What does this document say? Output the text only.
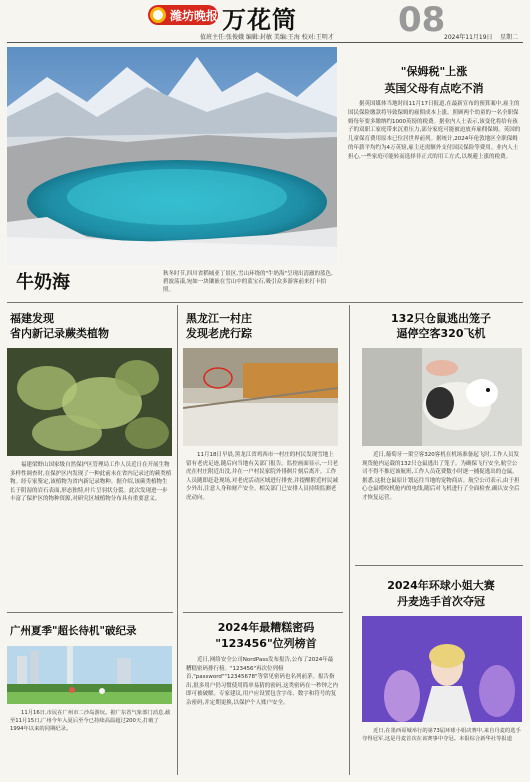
潍坊晚报 万花筒
值班主任:张俊娥 编辑:封敏 美编:王海 校对:王明才 08
2024年11月19日 星期二
牛奶海	秋冬时节,四川省稻城亚丁景区,雪山环绕的"牛奶海"呈现出清澈的蓝色,碧波荡漾,宛如一块镶嵌在雪山中的蓝宝石,吸引众多游客前来打卡拍照。
"保姆税"上涨
英国父母有点吃不消
据英国媒体当地时间11月17日报道,在最新宣布的预算案中,雇主的国民保险缴款将导致保姆的雇佣成本上涨。照顾两个幼童的一名全职保姆每年要多缴纳约1000英镑的税费。据业内人士表示,该变化将给有孩子的双职工家庭带来沉重压力,部分家庭可能被迫放弃雇佣保姆。英国的儿童保育费用原本已位居世界前列。据统计,2024年伦敦地区全职保姆的年薪平均约为4万英镑,雇主还需额外支付国民保险等费用。业内人士担心,一些家庭可能转而选择非正式的用工方式,以规避上涨的税费。
福建发现
省内新记录蕨类植物
福建梁野山国家级自然保护区管理局工作人员近日在开展生物多样性调查时,在保护区内发现了一种此前未在省内记录过的蕨类植物。经专家鉴定,该植物为省内新记录物种。据介绍,该蕨类植物生长于阴湿的岩石表面,形态独特,叶片呈羽状分裂。此次发现进一步丰富了保护区的物种资源,对研究区域植物分布具有重要意义。
黑龙江一村庄
发现老虎行踪
11月18日早晨,黑龙江省鸡西市一村庄的村民发现雪地上留有老虎足迹,随后向当地有关部门报告。监控画面显示,一只老虎在村庄附近出没,并在一户村民家院外徘徊片刻后离开。工作人员随即赶赴现场,对老虎活动区域进行排查,并提醒附近村民减少外出,注意人身和财产安全。相关部门已安排人员持续监测老虎动向。
132只仓鼠逃出笼子
逼停空客320飞机
近日,葡萄牙一架空客320客机在机场准备起飞时,工作人员发现货舱内运载的132只仓鼠逃出了笼子。为确保飞行安全,航空公司不得不推迟该航班,工作人员花费数小时逐一捕捉逃出的仓鼠。据悉,这批仓鼠原计划运往当地的宠物商店。航空公司表示,由于担心仓鼠啃咬机舱内的电线,随后对飞机进行了全面检查,确认安全后才恢复运营。
广州夏季"超长待机"破纪录
11月16日,市民在广州市二沙岛游玩。据广东省气象部门消息,截至11月15日,广州今年入夏后至今已持续高温超过200天,打破了1994年以来的同期纪录。
2024年最糟糕密码
"123456"位列榜首
近日,网络安全公司NordPass发布报告,公布了2024年最糟糕密码排行榜。"123456"再次位列榜首,"password""12345678"等常见密码也名列前茅。报告指出,很多用户仍习惯使用简单易猜的密码,这类密码在一秒钟之内即可被破解。专家建议,用户应设置包含字母、数字和符号的复杂密码,并定期更换,以保护个人账户安全。
2024年环球小姐大赛
丹麦选手首次夺冠
近日,在墨西哥城举行的第73届环球小姐决赛中,来自丹麦的选手夺得冠军,这是丹麦首次在该赛事中夺冠。本报综合新华社等报道
